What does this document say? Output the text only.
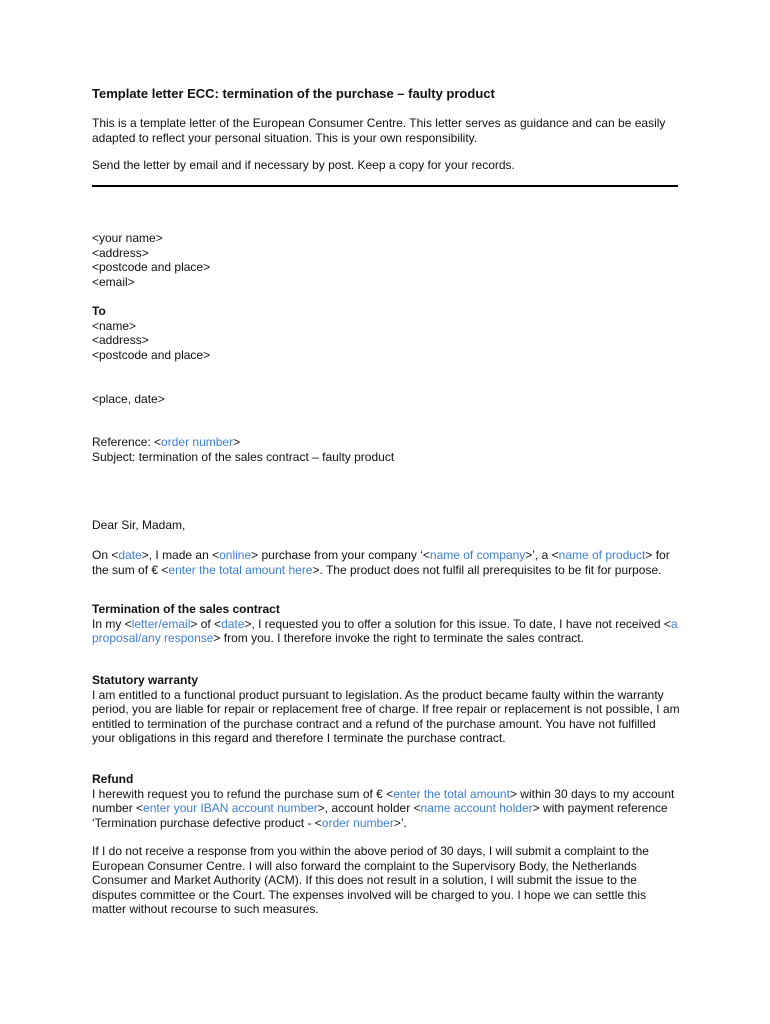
Template letter ECC: termination of the purchase – faulty product
This is a template letter of the European Consumer Centre. This letter serves as guidance and can be easily adapted to reflect your personal situation. This is your own responsibility.
Send the letter by email and if necessary by post. Keep a copy for your records.
<your name>
<address>
<postcode and place>
<email>
To
<name>
<address>
<postcode and place>
<place, date>
Reference: <order number>
Subject: termination of the sales contract – faulty product
Dear Sir, Madam,
On <date>, I made an <online> purchase from your company ‘<name of company>’, a <name of product> for the sum of € <enter the total amount here>. The product does not fulfil all prerequisites to be fit for purpose.
Termination of the sales contract
In my <letter/email> of <date>, I requested you to offer a solution for this issue. To date, I have not received <a proposal/any response> from you. I therefore invoke the right to terminate the sales contract.
Statutory warranty
I am entitled to a functional product pursuant to legislation. As the product became faulty within the warranty period, you are liable for repair or replacement free of charge. If free repair or replacement is not possible, I am entitled to termination of the purchase contract and a refund of the purchase amount. You have not fulfilled your obligations in this regard and therefore I terminate the purchase contract.
Refund
I herewith request you to refund the purchase sum of € <enter the total amount> within 30 days to my account number <enter your IBAN account number>, account holder <name account holder> with payment reference ‘Termination purchase defective product - <order number>’.
If I do not receive a response from you within the above period of 30 days, I will submit a complaint to the European Consumer Centre. I will also forward the complaint to the Supervisory Body, the Netherlands Consumer and Market Authority (ACM). If this does not result in a solution, I will submit the issue to the disputes committee or the Court. The expenses involved will be charged to you. I hope we can settle this matter without recourse to such measures.
